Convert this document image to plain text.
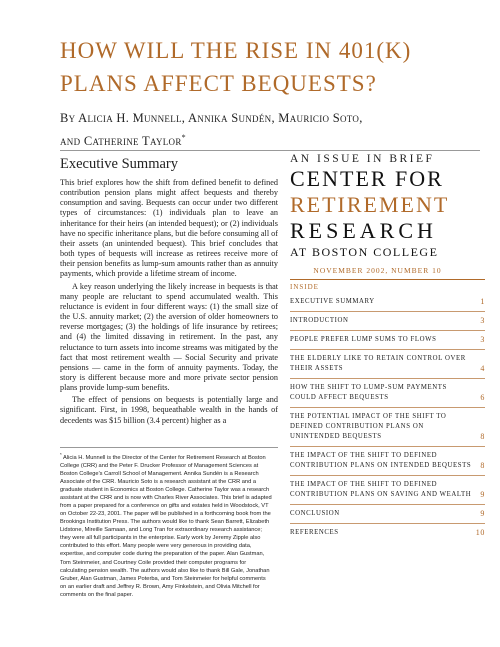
HOW WILL THE RISE IN 401(K)
PLANS AFFECT BEQUESTS?
By Alicia H. Munnell, Annika Sundén, Mauricio Soto,
and Catherine Taylor*
Executive Summary

This brief explores how the shift from defined benefit to defined contribution pension plans might affect bequests and thereby consumption and saving. Bequests can occur under two different types of circumstances: (1) individuals plan to leave an inheritance for their heirs (an intended bequest); or (2) individuals have no specific inheritance plans, but die before consuming all of their assets (an unintended bequest). This brief concludes that both types of bequests will increase as retirees receive more of their pension benefits as lump-sum amounts rather than as annuity payments, which provide a lifetime stream of income.

A key reason underlying the likely increase in bequests is that many people are reluctant to spend accumulated wealth. This reluctance is evident in four different ways: (1) the small size of the U.S. annuity market; (2) the aversion of older homeowners to reverse mortgages; (3) the holdings of life insurance by retirees; and (4) the limited dissaving in retirement. In the past, any reluctance to turn assets into income streams was mitigated by the fact that most retirement wealth — Social Security and private pensions — came in the form of annuity payments. Today, the story is different because more and more private sector pension plans provide lump-sum benefits.

The effect of pensions on bequests is potentially large and significant. First, in 1998, bequeathable wealth in the hands of decedents was $15 billion (3.4 percent) higher as a

AN ISSUE IN BRIEF
CENTER FOR
RETIREMENT
RESEARCH
AT BOSTON COLLEGE
NOVEMBER 2002, NUMBER 10
INSIDE
EXECUTIVE SUMMARY	1
INTRODUCTION	3
PEOPLE PREFER LUMP SUMS TO FLOWS	3
THE ELDERLY LIKE TO RETAIN CONTROL OVER THEIR ASSETS	4
HOW THE SHIFT TO LUMP-SUM PAYMENTS COULD AFFECT BEQUESTS	6
THE POTENTIAL IMPACT OF THE SHIFT TO DEFINED CONTRIBUTION PLANS ON UNINTENDED BEQUESTS	8
THE IMPACT OF THE SHIFT TO DEFINED CONTRIBUTION PLANS ON INTENDED BEQUESTS	8
THE IMPACT OF THE SHIFT TO DEFINED CONTRIBUTION PLANS ON SAVING AND WEALTH	9
CONCLUSION	9
REFERENCES	10
* Alicia H. Munnell is the Director of the Center for Retirement Research at Boston College (CRR) and the Peter F. Drucker Professor of Management Sciences at Boston College's Carroll School of Management. Annika Sundén is a Research Associate of the CRR. Mauricio Soto is a research assistant at the CRR and a graduate student in Economics at Boston College. Catherine Taylor was a research assistant at the CRR and is now with Charles River Associates. This brief is adapted from a paper prepared for a conference on gifts and estates held in Woodstock, VT on October 22-23, 2001. The paper will be published in a forthcoming book from the Brookings Institution Press. The authors would like to thank Sean Barrett, Elizabeth Lidstone, Mireille Samaan, and Long Tran for extraordinary research assistance; they were all full participants in the enterprise. Early work by Jeremy Zipple also contributed to this effort. Many people were very generous in providing data, expertise, and computer code during the preparation of the paper. Alan Gustman, Tom Steinmeier, and Courtney Coile provided their computer programs for calculating pension wealth. The authors would also like to thank Bill Gale, Jonathan Gruber, Alan Gustman, James Poterba, and Tom Steinmeier for helpful comments on an earlier draft and Jeffrey R. Brown, Amy Finkelstein, and Olivia Mitchell for comments on the final paper.
